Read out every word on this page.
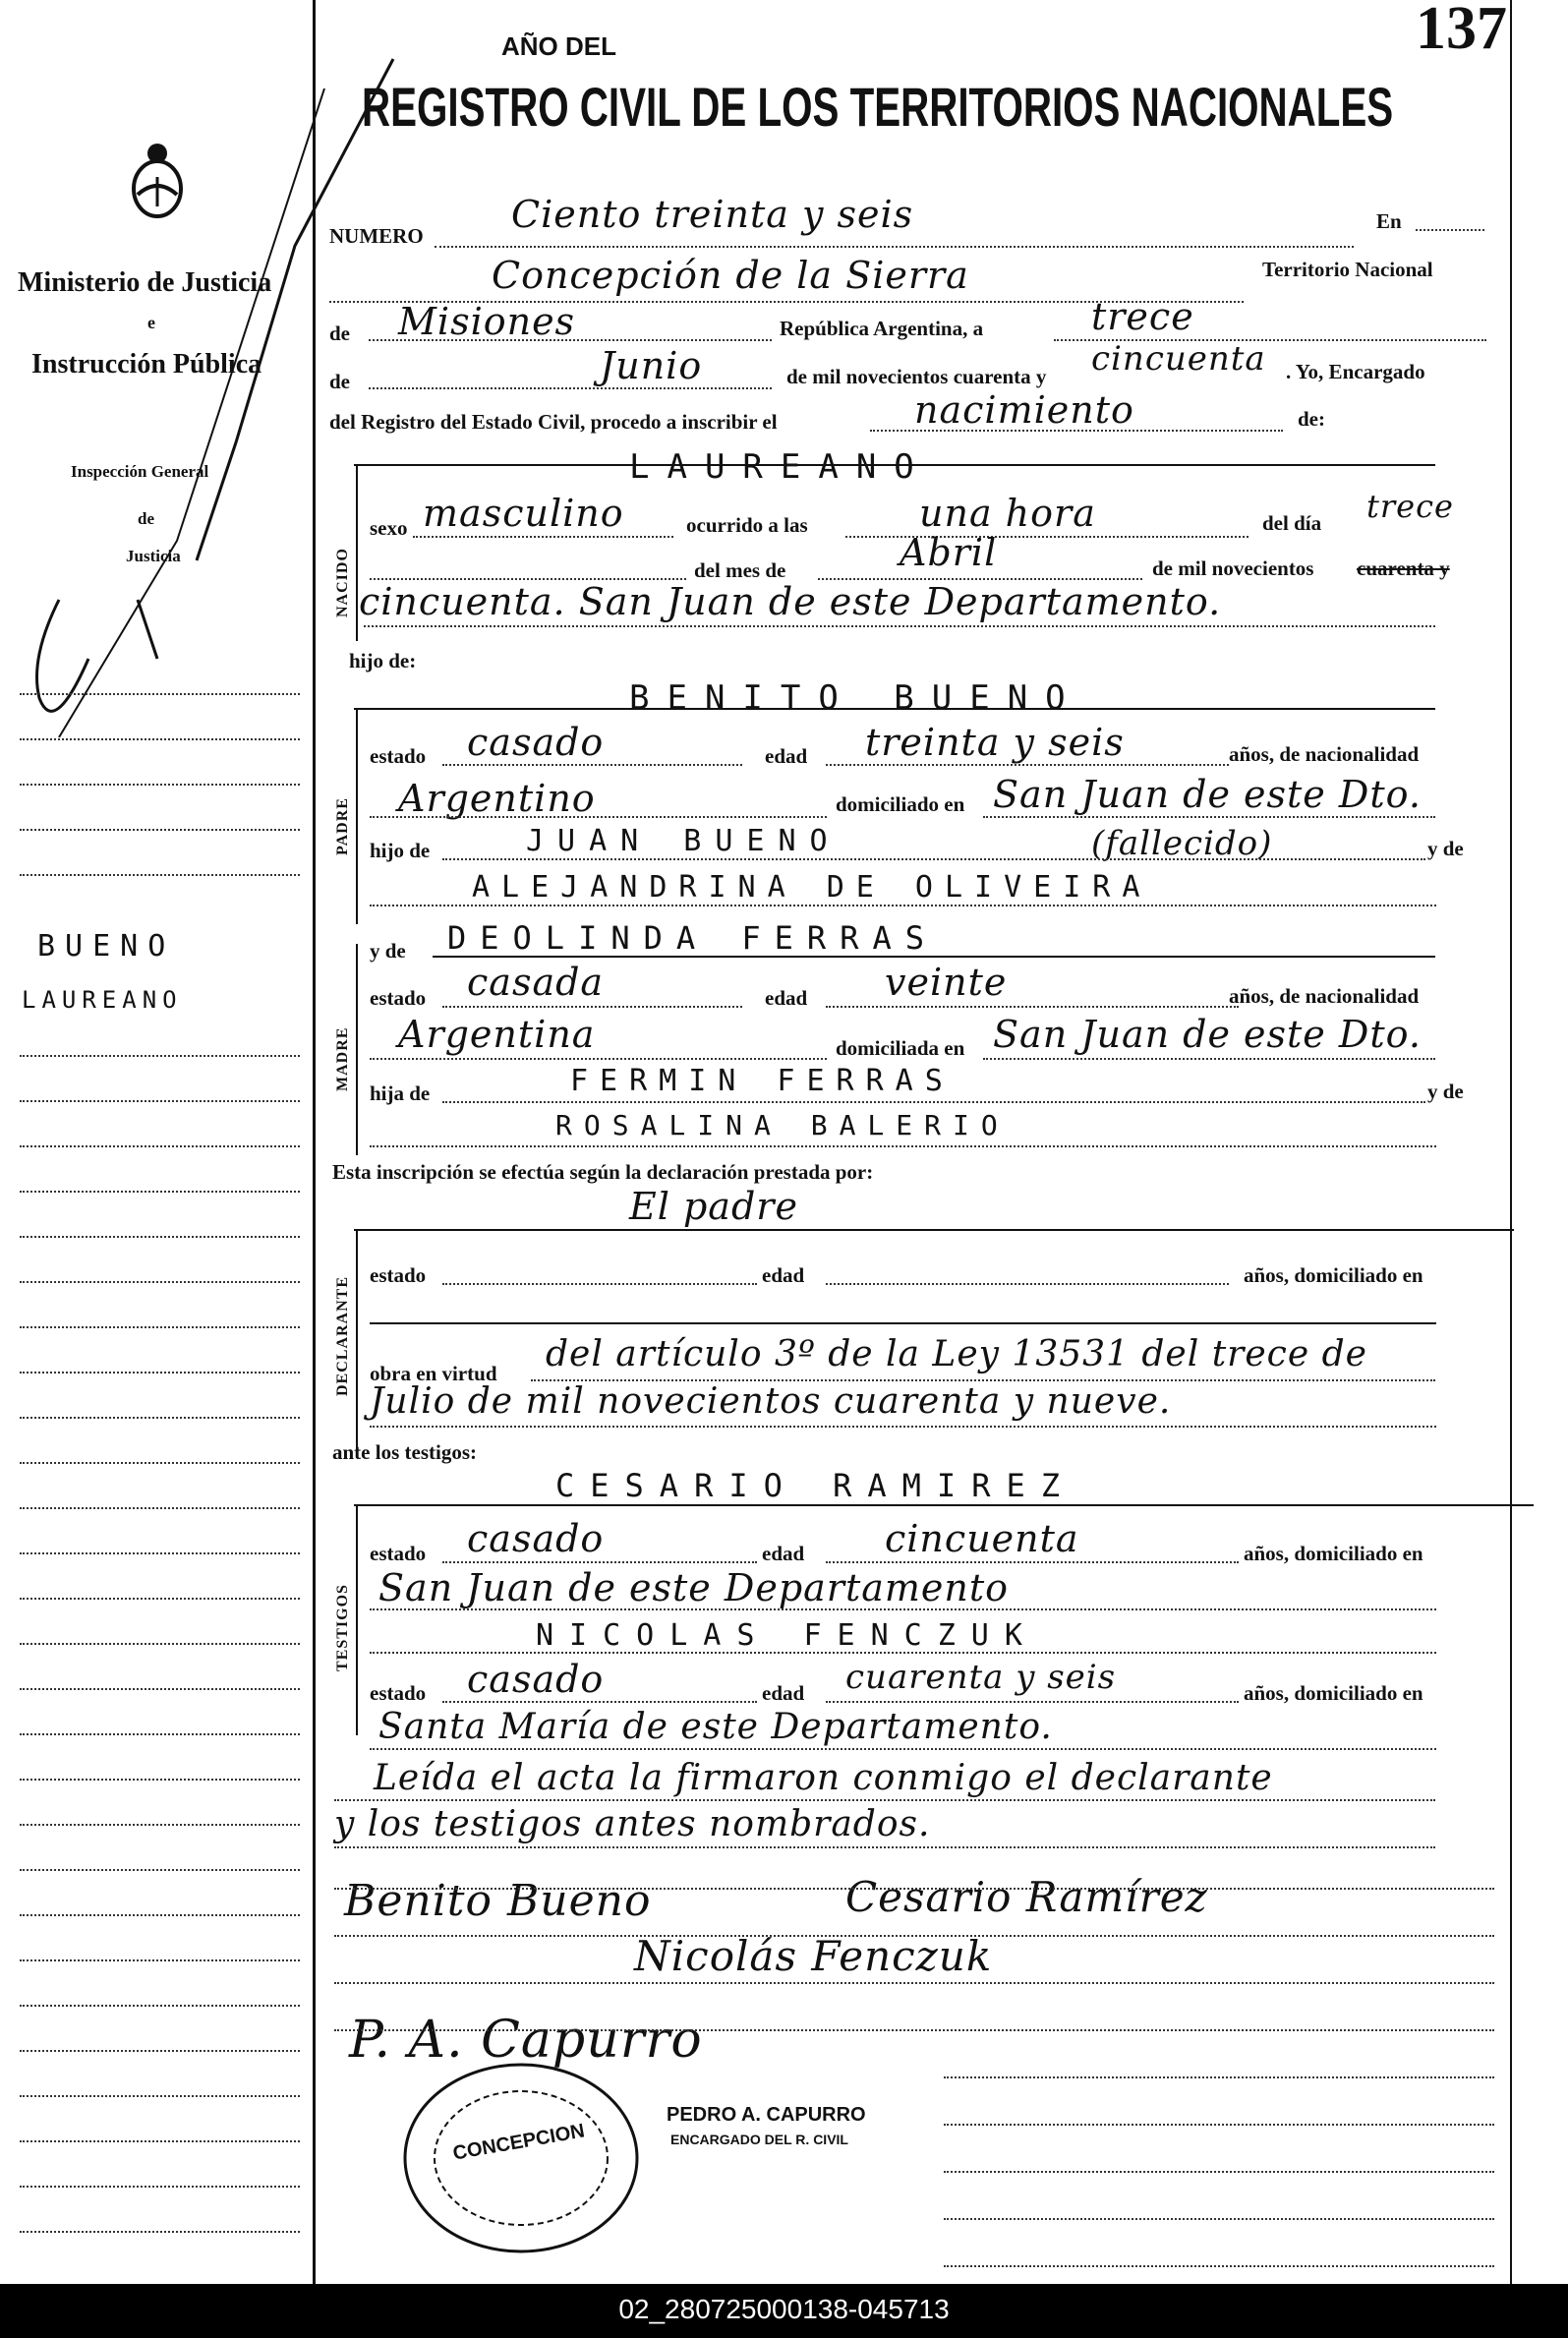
Ministerio de Justicia
e
Instrucción Pública
Inspección General
de
Justicia
BUENO
LAUREANO
AÑO DEL	137
REGISTRO CIVIL DE LOS TERRITORIOS NACIONALES
NUMERO Ciento treinta y seis	En
Concepción de la Sierra	Territorio Nacional
de Misiones	República Argentina, a	trece
de	Junio	de mil novecientos cuarenta y cincuenta . Yo, Encargado
del Registro del Estado Civil, procedo a inscribir el	nacimiento	de:
LAUREANO
NACIDO
sexo masculino	ocurrido a las	una hora	del día trece
del mes de	Abril	de mil novecientos cuarenta y
cincuenta. San Juan de este Departamento.
hijo de:
BENITO BUENO
PADRE
estado casado	edad treinta y seis	años, de nacionalidad
Argentino	domiciliado en San Juan de este Dto.
hijo de	JUAN BUENO	(fallecido)	y de
ALEJANDRINA DE OLIVEIRA
y de DEOLINDA FERRAS
MADRE
estado casada	edad veinte	años, de nacionalidad
Argentina	domiciliada en San Juan de este Dto.
hija de	FERMIN FERRAS	y de
ROSALINA BALERIO
Esta inscripción se efectúa según la declaración prestada por:
El padre
DECLARANTE
estado	edad	años, domiciliado en
obra en virtud del artículo 3º de la Ley 13531 del trece de
Julio de mil novecientos cuarenta y nueve.
ante los testigos:
CESARIO RAMIREZ
TESTIGOS
estado casado	edad cincuenta	años, domiciliado en
San Juan de este Departamento
NICOLAS FENCZUK
estado casado	edad cuarenta y seis	años, domiciliado en
Santa María de este Departamento.
Leída el acta la firmaron conmigo el declarante
y los testigos antes nombrados.
Benito Bueno	Cesario Ramírez
Nicolás Fenczuk
P. A. Capurro
CONCEPCION
PEDRO A. CAPURRO
ENCARGADO DEL R. CIVIL
02_280725000138-045713
